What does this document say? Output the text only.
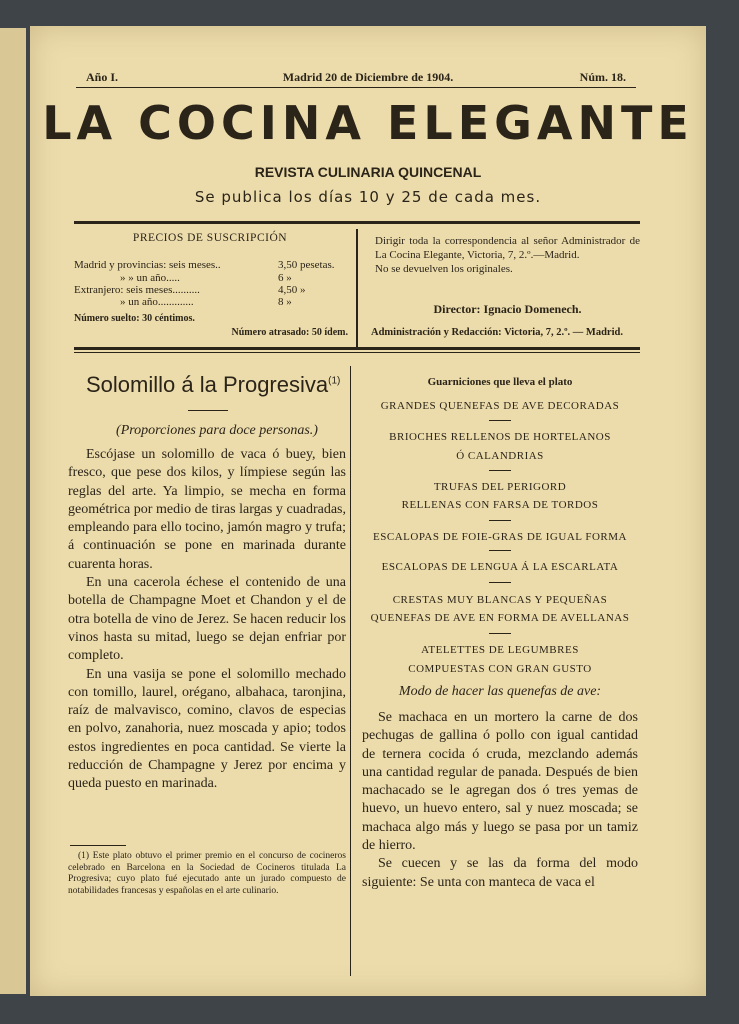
Año I.	Madrid 20 de Diciembre de 1904.	Núm. 18.
LA COCINA ELEGANTE
REVISTA CULINARIA QUINCENAL
Se publica los días 10 y 25 de cada mes.
PRECIOS DE SUSCRIPCIÓN
Madrid y provincias: seis meses..	3,50 pesetas.
» » un año.....	6 »
Extranjero: seis meses..........	4,50 »
» un año.............	8 »
Número suelto: 30 céntimos.
Número atrasado: 50 ídem.
Dirigir toda la correspondencia al señor Administrador de La Cocina Elegante, Victoria, 7, 2.º.—Madrid.
No se devuelven los originales.
Director: Ignacio Domenech.
Administración y Redacción: Victoria, 7, 2.º. — Madrid.
Solomillo á la Progresiva$^{(1)}$
(Proporciones para doce personas.)

Escójase un solomillo de vaca ó buey, bien fresco, que pese dos kilos, y límpiese según las reglas del arte. Ya limpio, se mecha en forma geométrica por medio de tiras largas y cuadradas, empleando para ello tocino, jamón magro y trufa; á continuación se pone en marinada durante cuarenta horas.

En una cacerola échese el contenido de una botella de Champagne Moet et Chandon y el de otra botella de vino de Jerez. Se hacen reducir los vinos hasta su mitad, luego se dejan enfriar por completo.

En una vasija se pone el solomillo mechado con tomillo, laurel, orégano, albahaca, taronjina, raíz de malvavisco, comino, clavos de especias en polvo, zanahoria, nuez moscada y apio; todos estos ingredientes en poca cantidad. Se vierte la reducción de Champagne y Jerez por encima y queda puesto en marinada.

(1) Este plato obtuvo el primer premio en el concurso de cocineros celebrado en Barcelona en la Sociedad de Cocineros titulada La Progresiva; cuyo plato fué ejecutado ante un jurado compuesto de notabilidades francesas y españolas en el arte culinario.

Guarniciones que lleva el plato
GRANDES QUENEFAS DE AVE DECORADAS
BRIOCHES RELLENOS DE HORTELANOS
Ó CALANDRIAS
TRUFAS DEL PERIGORD
RELLENAS CON FARSA DE TORDOS
ESCALOPAS DE FOIE-GRAS DE IGUAL FORMA
ESCALOPAS DE LENGUA Á LA ESCARLATA
CRESTAS MUY BLANCAS Y PEQUEÑAS
QUENEFAS DE AVE EN FORMA DE AVELLANAS
ATELETTES DE LEGUMBRES
COMPUESTAS CON GRAN GUSTO
Modo de hacer las quenefas de ave:

Se machaca en un mortero la carne de dos pechugas de gallina ó pollo con igual cantidad de ternera cocida ó cruda, mezclando además una cantidad regular de panada. Después de bien machacado se le agregan dos ó tres yemas de huevo, un huevo entero, sal y nuez moscada; se machaca algo más y luego se pasa por un tamiz de hierro.

Se cuecen y se las da forma del modo siguiente: Se unta con manteca de vaca el
